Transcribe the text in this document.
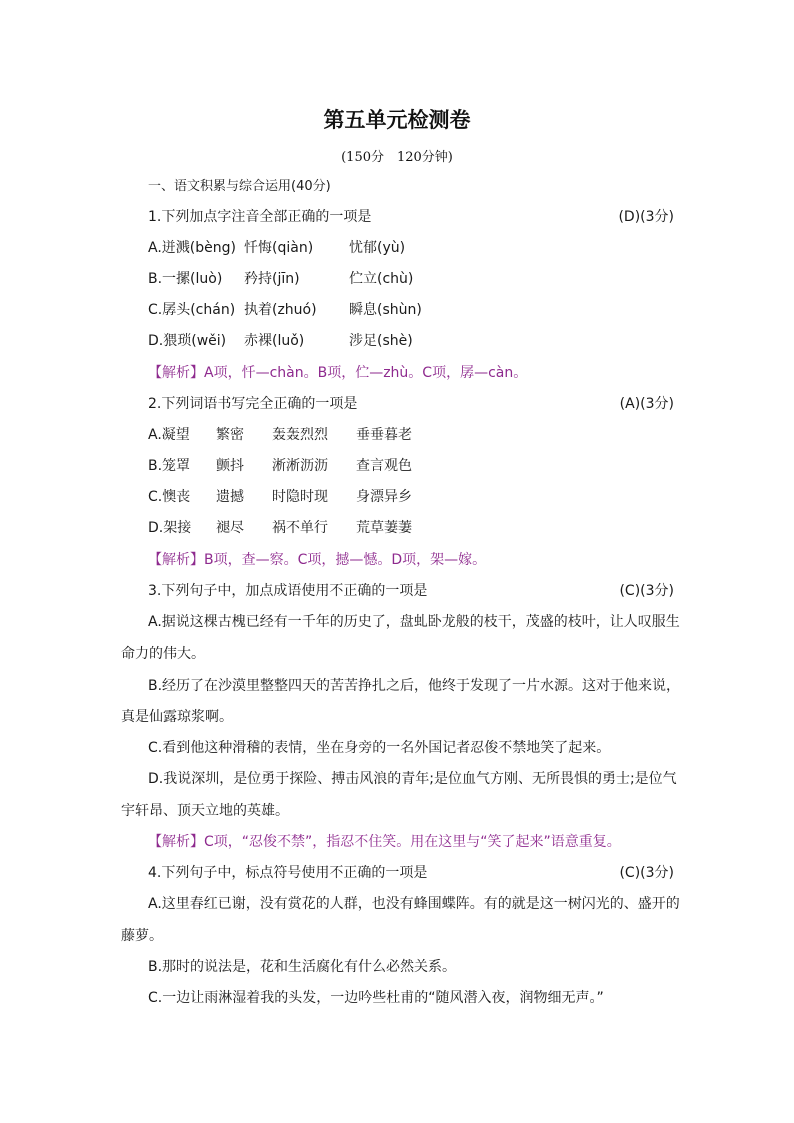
第五单元检测卷
(150分　120分钟)
一、语文积累与综合运用(40分)
1.下列加点字注音全部正确的一项是	(D)(3分)
A.迸溅(bèng) 忏悔(qiàn)	忧郁(yù)
B.一摞(luò) 矜持(jīn)	伫立(chù)
C.孱头(chán) 执着(zhuó) 瞬息(shùn)
D.猥琐(wěi) 赤裸(luǒ)	涉足(shè)
【解析】A项，忏—chàn。B项，伫—zhù。C项，孱—càn。
2.下列词语书写完全正确的一项是	(A)(3分)
A.凝望 繁密 轰轰烈烈 垂垂暮老
B.笼罩 颤抖 淅淅沥沥 查言观色
C.懊丧 遗撼 时隐时现 身漂异乡
D.架接 褪尽 祸不单行 荒草萋萋
【解析】B项，查—察。C项，撼—憾。D项，架—嫁。
3.下列句子中，加点成语使用不正确的一项是	(C)(3分)
A.据说这棵古槐已经有一千年的历史了，盘虬卧龙般的枝干，茂盛的枝叶，让人叹服生
命力的伟大。
B.经历了在沙漠里整整四天的苦苦挣扎之后，他终于发现了一片水源。这对于他来说，
真是仙露琼浆啊。
C.看到他这种滑稽的表情，坐在身旁的一名外国记者忍俊不禁地笑了起来。
D.我说深圳，是位勇于探险、搏击风浪的青年;是位血气方刚、无所畏惧的勇士;是位气
宇轩昂、顶天立地的英雄。
【解析】C项，“忍俊不禁”，指忍不住笑。用在这里与“笑了起来”语意重复。
4.下列句子中，标点符号使用不正确的一项是	(C)(3分)
A.这里春红已谢，没有赏花的人群，也没有蜂围蝶阵。有的就是这一树闪光的、盛开的
藤萝。
B.那时的说法是，花和生活腐化有什么必然关系。
C.一边让雨淋湿着我的头发，一边吟些杜甫的“随风潜入夜，润物细无声。”
